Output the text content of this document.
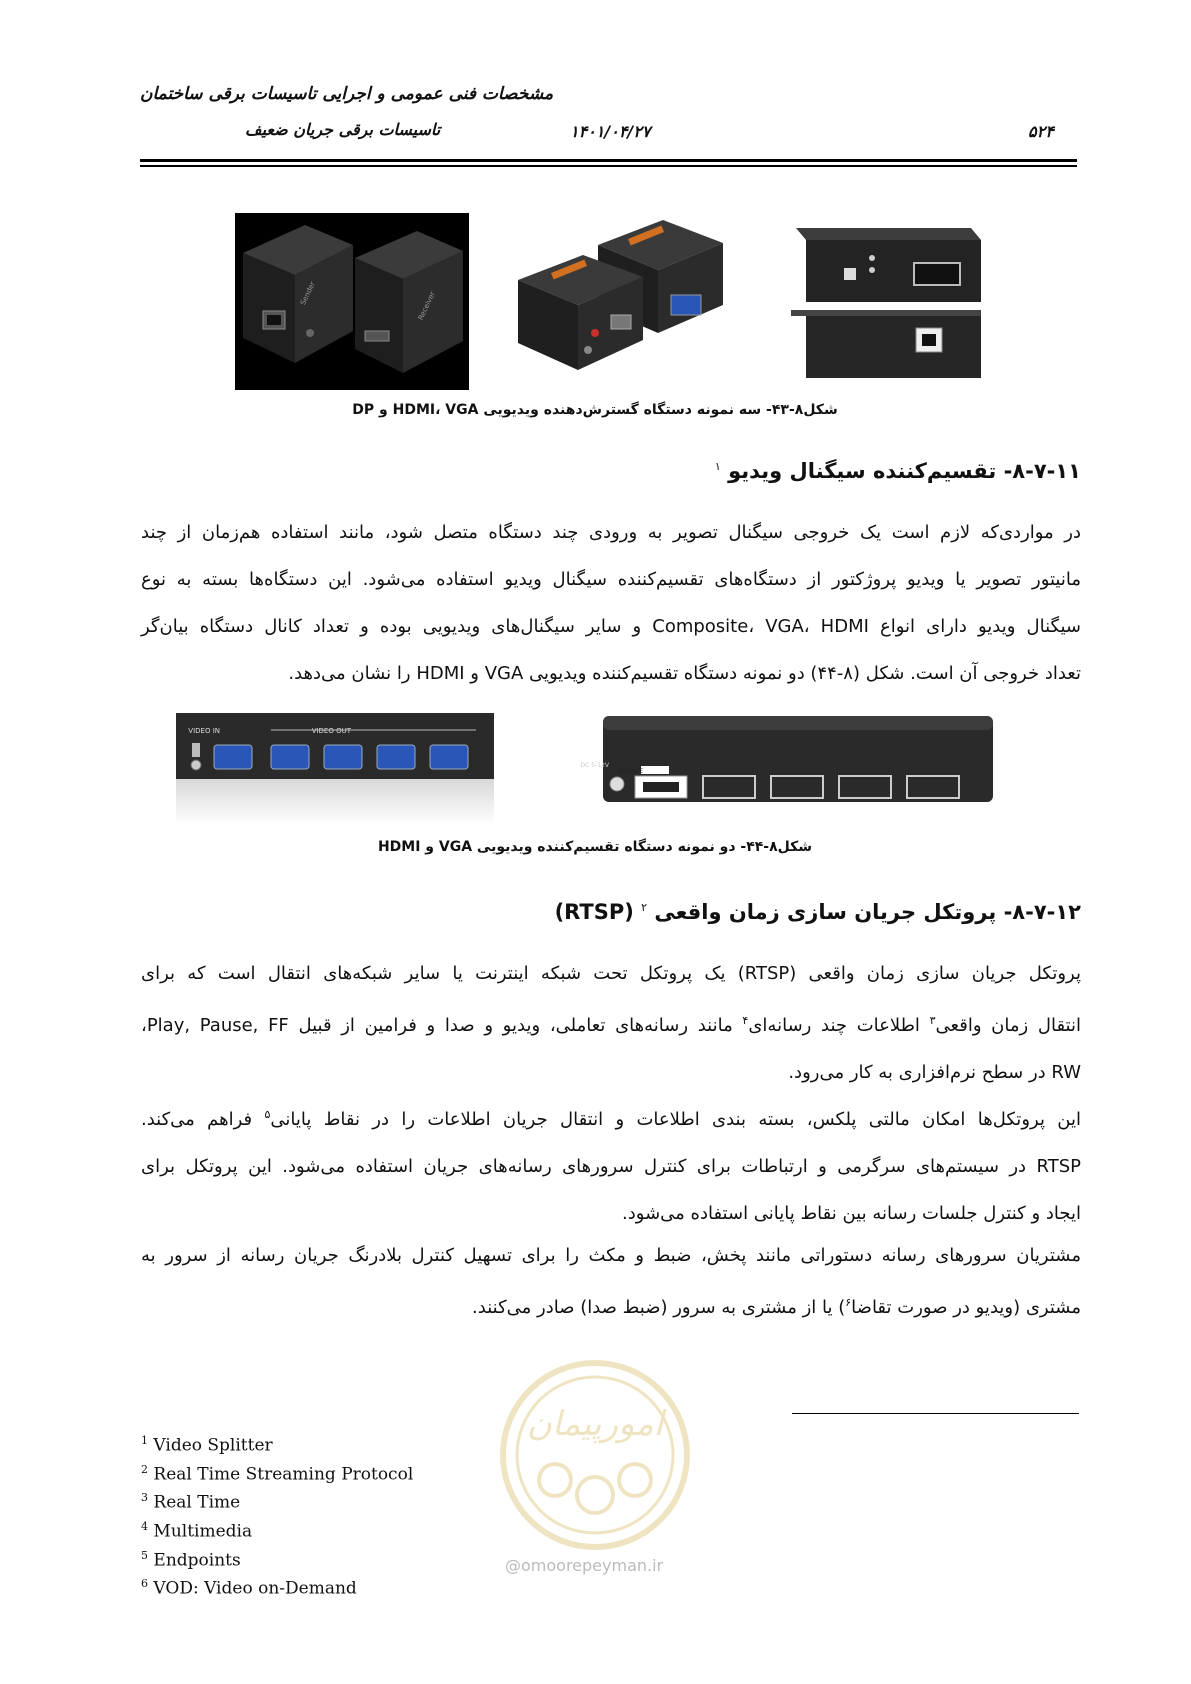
مشخصات فنی عمومی و اجرایی تاسیسات برقی ساختمان
تاسیسات برقی جریان ضعیف	۱۴۰۱/۰۴/۲۷	۵۲۴
Receiver
Sender
شکل۸-۴۳- سه نمونه دستگاه گسترش‌دهنده ویدیویی HDMI، VGA و DP
۸-۷-۱۱- تقسیم‌کننده سیگنال ویدیو $^۱$
در مواردی‌که لازم است یک خروجی سیگنال تصویر به ورودی چند دستگاه متصل شود، مانند استفاده هم‌زمان از چند
مانیتور تصویر یا ویدیو پروژکتور از دستگاه‌های تقسیم‌کننده سیگنال ویدیو استفاده می‌شود. این دستگاه‌ها بسته به نوع
سیگنال ویدیو دارای انواع Composite، VGA، HDMI و سایر سیگنال‌های ویدیویی بوده و تعداد کانال دستگاه بیان‌گر
تعداد خروجی آن است. شکل (۸-۴۴) دو نمونه دستگاه تقسیم‌کننده ویدیویی VGA و HDMI را نشان می‌دهد.
VIDEO IN	VIDEO OUT
DC 5-12V
SOURCE
شکل۸-۴۴- دو نمونه دستگاه تقسیم‌کننده ویدیویی VGA و HDMI
۸-۷-۱۲- پروتکل جریان سازی زمان واقعی $^۲$ (RTSP)
پروتکل جریان سازی زمان واقعی (RTSP) یک پروتکل تحت شبکه اینترنت یا سایر شبکه‌های انتقال است که برای
انتقال زمان واقعی$^۳$ اطلاعات چند رسانه‌ای$^۴$ مانند رسانه‌های تعاملی، ویدیو و صدا و فرامین از قبیل Play, Pause, FF،
RW در سطح نرم‌افزاری به کار می‌رود.
این پروتکل‌ها امکان مالتی پلکس، بسته بندی اطلاعات و انتقال جریان اطلاعات را در نقاط پایانی$^۵$ فراهم می‌کند.
RTSP در سیستم‌های سرگرمی و ارتباطات برای کنترل سرورهای رسانه‌های جریان استفاده می‌شود. این پروتکل برای
ایجاد و کنترل جلسات رسانه بین نقاط پایانی استفاده می‌شود.
مشتریان سرورهای رسانه دستوراتی مانند پخش، ضبط و مکث را برای تسهیل کنترل بلادرنگ جریان رسانه از سرور به
مشتری (ویدیو در صورت تقاضا$^۶$) یا از مشتری به سرور (ضبط صدا) صادر می‌کنند.
امورپیمان
@omoorepeyman.ir
$^1$ Video Splitter
$^2$ Real Time Streaming Protocol
$^3$ Real Time
$^4$ Multimedia
$^5$ Endpoints
$^6$ VOD: Video on-Demand
